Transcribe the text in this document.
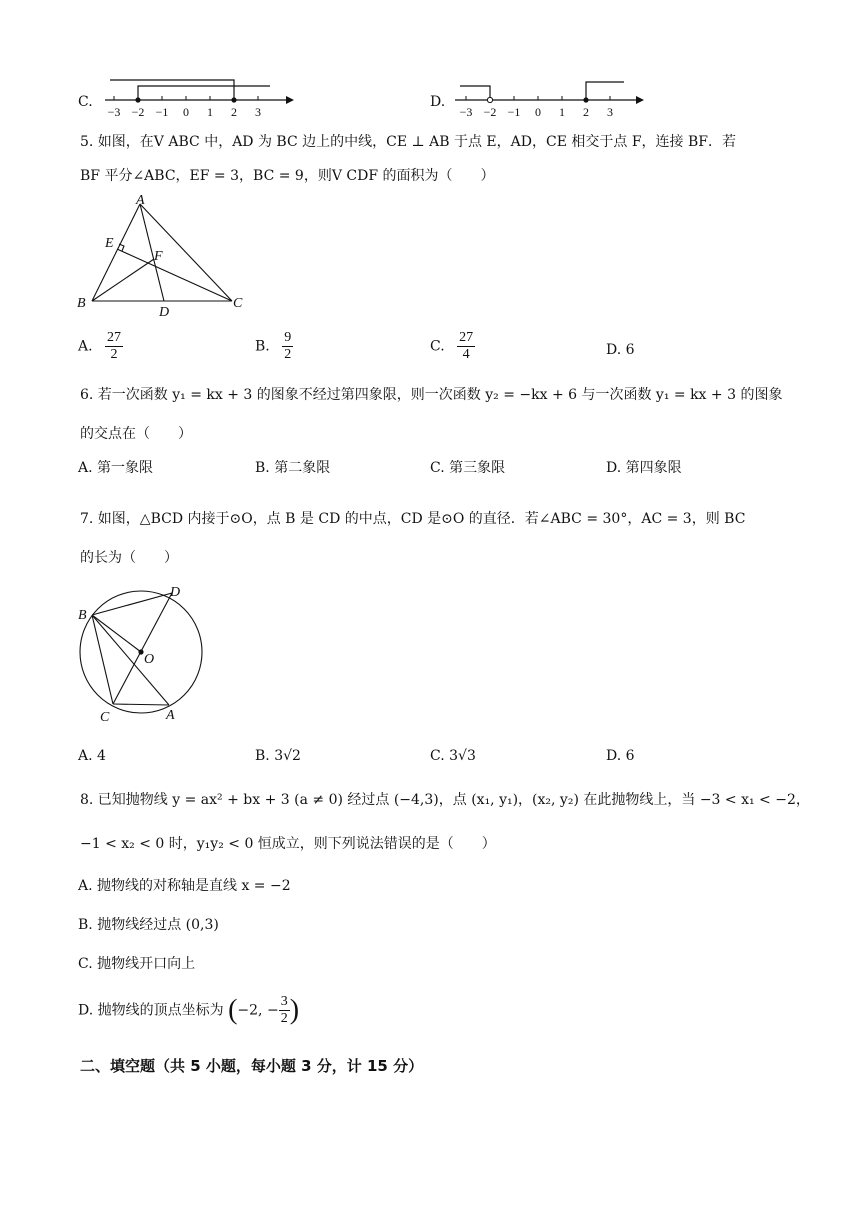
C.
−3 −2 −1 0 1 2 3
D.
−3 −2 −1 0 1 2 3
5. 如图，在V ABC 中，AD 为 BC 边上的中线，CE ⊥ AB 于点 E，AD，CE 相交于点 F，连接 BF．若
BF 平分∠ABC，EF = 3，BC = 9，则V CDF 的面积为（　　）
A
B	C
D
E
F
A. $\frac{27}{2}$	B. $\frac{9}{2}$	C. $\frac{27}{4}$	D. 6
6. 若一次函数 y₁ = kx + 3 的图象不经过第四象限，则一次函数 y₂ = −kx + 6 与一次函数 y₁ = kx + 3 的图象
的交点在（　　）
A. 第一象限	B. 第二象限	C. 第三象限	D. 第四象限
7. 如图，△BCD 内接于⊙O，点 B 是 CD 的中点，CD 是⊙O 的直径．若∠ABC = 30°，AC = 3，则 BC
的长为（　　）
B
D
O
C	A
A. 4	B. 3√2	C. 3√3	D. 6
8. 已知抛物线 y = ax² + bx + 3 (a ≠ 0) 经过点 (−4,3)，点 (x₁, y₁)，(x₂, y₂) 在此抛物线上，当 −3 < x₁ < −2，
−1 < x₂ < 0 时，y₁y₂ < 0 恒成立，则下列说法错误的是（　　）
A. 抛物线的对称轴是直线 x = −2
B. 抛物线经过点 (0,3)
C. 抛物线开口向上
D. 抛物线的顶点坐标为 (−2, − $\frac{3}{2}$ )
二、填空题（共 5 小题，每小题 3 分，计 15 分）
